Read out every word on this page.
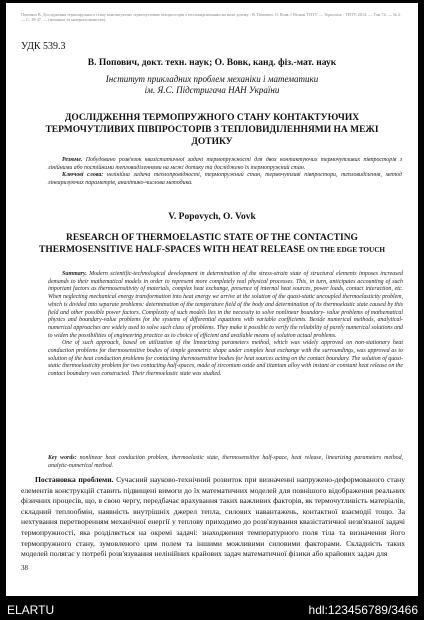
Попович В. Дослідження термопружного стану контактуючих термочутливих півпросторів з тепловиділеннями на межі дотику / В. Попович, О. Вовк // Вісник ТНТУ — Тернопіль : ТНТУ, 2014. — Том 74. — № 2. — С. 38-47. — (механіка та матеріалознавство).
УДК 539.3
В. Попович, докт. техн. наук; О. Вовк, канд. фіз.-мат. наук
Інститут прикладних проблем механіки і математики
ім. Я.С. Підстригача НАН України
ДОСЛІДЖЕННЯ ТЕРМОПРУЖНОГО СТАНУ КОНТАКТУЮЧИХ ТЕРМОЧУТЛИВИХ ПІВПРОСТОРІВ З ТЕПЛОВИДІЛЕННЯМИ НА МЕЖІ ДОТИКУ
Резюме. Побудовано розв'язок квазістатичної задачі термопружності для двох контактуючих термочутливих півпросторів з лінійними або постійними тепловиділеннями на межі дотику та досліджено їх термопружний стан.
Ключові слова: нелінійна задача теплопровідності, термопружний стан, термочутливі півпростори, тепловиділення, метод лінеаризуючих параметрів, аналітико-числова методика.
V. Popovych, O. Vovk
RESEARCH OF THERMOELASTIC STATE OF THE CONTACTING THERMOSENSITIVE HALF-SPACES WITH HEAT RELEASE ON THE EDGE TOUCH

Summary. Modern scientific-technological development in determination of the stress-strain state of structural elements imposes increased demands to their mathematical models in order to represent more completely real physical processes. This, in turn, anticipates accounting of such important factors as thermosensitivity of materials, complex heat exchange, presence of internal heat sources, power loads, contact interaction, etc. When neglecting mechanical energy transformation into heat energy we arrive at the solution of the quasi-static uncoupled thermoelasticity problem, which is divided into separate problems: determination of the temperature field of the body and determination of its thermoelastic state caused by this field and other possible power factors. Complexity of such models lies in the necessity to solve nonlinear boundary- value problems of mathematical physics and boundary-value problems for the systems of differential equations with variable coefficients. Beside numerical methods, analytical-numerical approaches are widely used to solve such class of problems. They make it possible to verify the reliability of purely numerical solutions and to widen the possibilities of engineering practice as to choice of efficient and available means of solution actual problems.

One of such approach, based on utilization of the linearizing parameters method, which was widely approved on non-stationary heat conduction problems for thermosensitive bodies of simple geometric shape under complex heat exchange with the surroundings, was approved as to solution of the heat conduction problems for contacting thermosensitive bodies for heat sources acting on the contact boundary. The solution of quasi-static thermoelasticity problem for two contacting half-spaces, made of zirconium oxide and titanium alloy with instant or constant heat release on the contact boundary was constructed. Their thermoelastic state was studied.

Key words: nonlinear heat conduction problem, thermoelastic state, thermosensitive half-space, heat release, linearizing parameters method, analytic-numerical method.
Постановка проблеми. Сучасний науково-технічний розвиток при визначенні напружено-деформованого стану елементів конструкцій ставить підвищені вимоги до їх математичних моделей для повнішого відображення реальних фізичних процесів, що, в свою чергу, передбачає врахування таких важливих факторів, як термочутливість матеріалів, складний теплообмін, наявність внутрішніх джерел тепла, силових навантажень, контактної взаємодії тощо. За нехтування перетворенням механічної енергії у теплову приходимо до розв'язування квазістатичної незв'язаної задачі термопружності, яка розділяється на окремі задачі: знаходження температурного поля тіла та визначення його термопружного стану, зумовленого цим полем та іншими можливими силовими факторами. Складність таких моделей полягає у потребі розв'язування нелінійних крайових задач математичної фізики або крайових задач для
38
ELARTU	hdl:123456789/3466
